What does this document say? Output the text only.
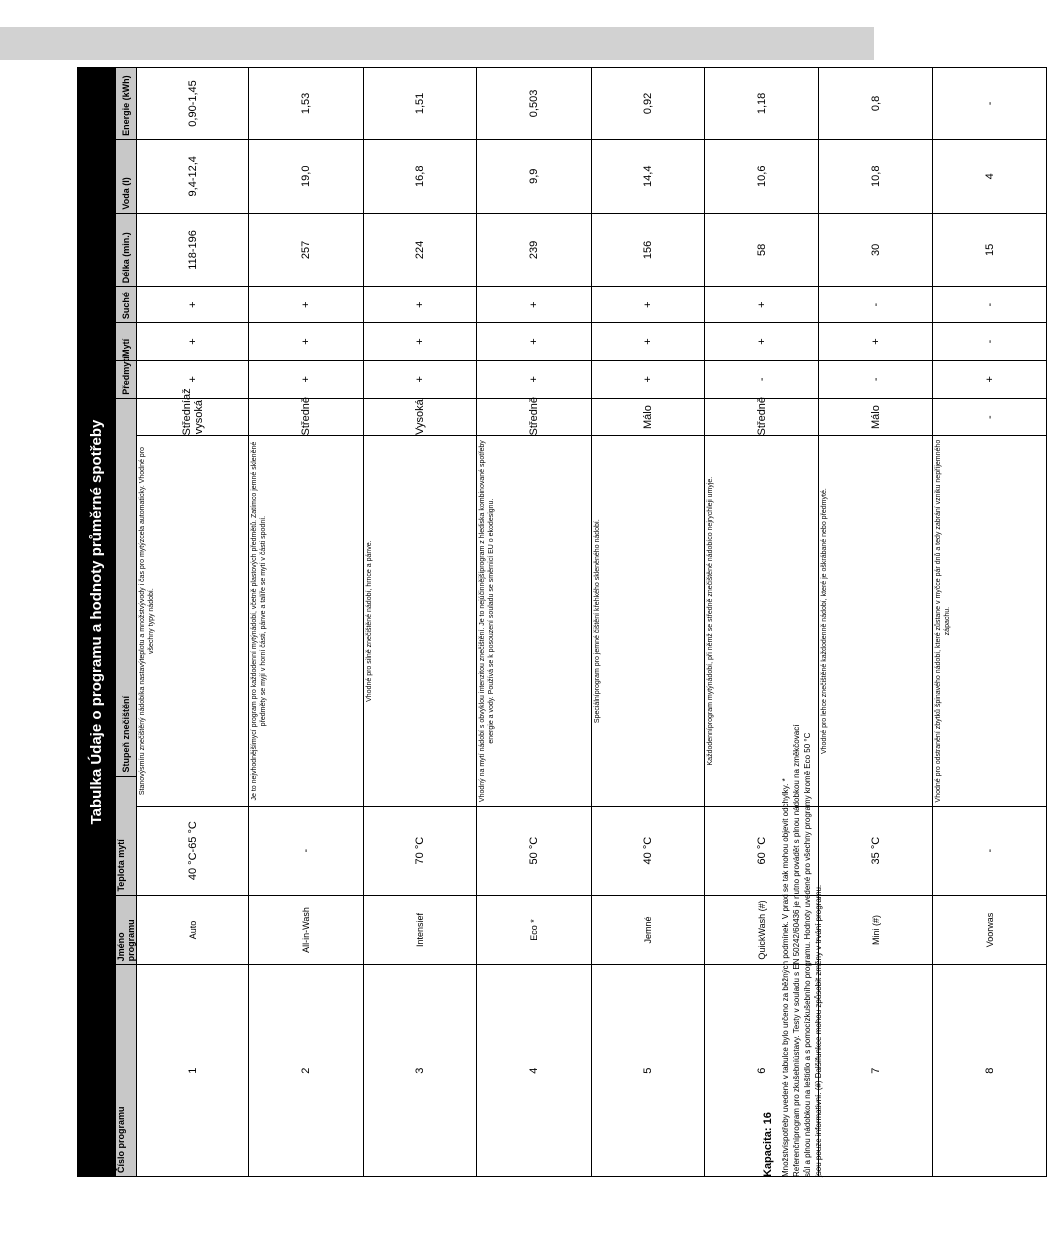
Tabulka Údaje o programu a hodnoty průměrné spotřeby											
Číslo programu	Jméno programu	Teplota mytí		Stupeň znečištění		Předmytí	Mytí	Suché	Délka (min.)	Voda (l)	Energie (kWh)
1	Auto	40 °C-65 °C	Stanovýsmíru znečištěný nádobíka nastavýteplotu a množstvývody i čas pro mytýzcela automaticky. Vhodné pro všechny typy nádobí.		Středníaž vysoká	+	+	+	118-196	9,4-12,4	0,90-1,45
2	All-in-Wash	-	Je to nejvhodnějšímycí program pro každodenní mytýnádobí, včetně plastových předmětů. Zatímco jemné skleněné předměty se myjí v horní části, pánve a talíře se mytí v části spodní.		Středně	+	+	+	257	19,0	1,53
3	Intensief	70 °C	Vhodné pro silně znečištěné nádobí, hrnce a pánve.		Vysoká	+	+	+	224	16,8	1,51
4	Eco *	50 °C	Vhodný na mytí nádobí s obvyklou intenzitou znečištění. Je to nejúčinnějšíprogram z hlediska kombinované spotřeby energie a vody. Používá se k posouzení souladu se směrnicí EU o ekodesignu.		Středně	+	+	+	239	9,9	0,503
5	Jemné	40 °C	Speciálníprogram pro jemné čištění křehkého skleněného nádobí.		Málo	+	+	+	156	14,4	0,92
6	QuickWash (#)	60 °C	Každodenníprogram mytýnádobí, při němž se středně znečištěné nádobíco nejrychleji umyje.		Středně	-	+	+	58	10,6	1,18
7	Mini (#)	35 °C	Vhodné pro lehce znečištěné každodenně nádobí, které je oškrábané nebo předmyté.		Málo	-	+	-	30	10,8	0,8
8	Voorwas	-	Vhodné pro odstranění zbytků špinavého nádobí, které zůstane v myčce pár dnů a tedy zabrání vzniku nepříjemného zápachu.		-	+	-	-	15	4	-

Kapacita: 16 Množstvíspotřeby uvedené v tabulce bylo určeno za běžných podmínek. V praxi se tak mohou objevit odchylky. * Referenčníprogram pro zkušebníústavy. Testy v souladu s EN 50242/60436 je nutno provádět s plnou nádobkou na změkčovací sůl a plnou nádobkou na leštidlo a s pomocízkušebního programu. Hodnoty uvedené pro všechny programy kromě Eco 50 °C jsou pouze informativní. (#) Dalšífunkce mohou způsobit změny v trvání programu.
